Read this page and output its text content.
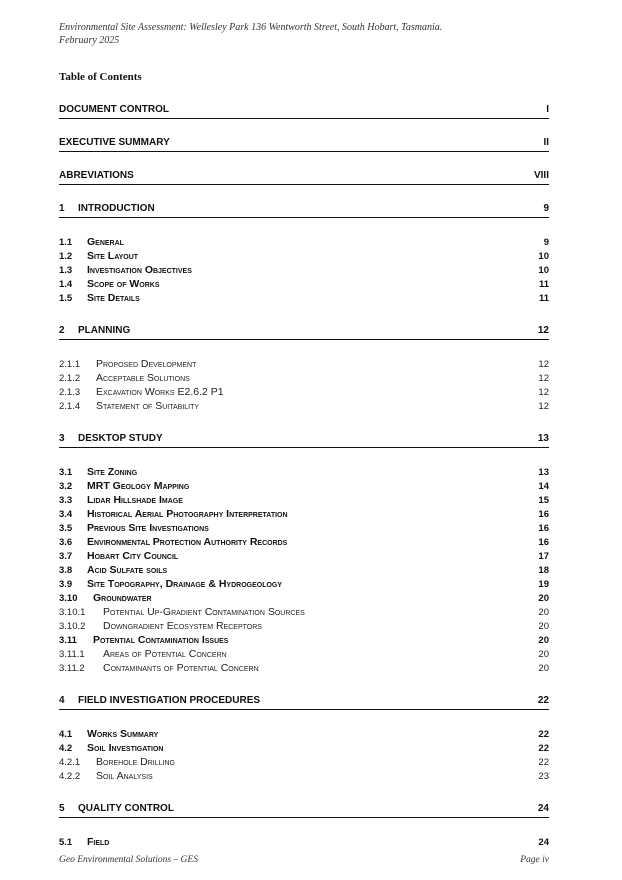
Environmental Site Assessment: Wellesley Park 136 Wentworth Street, South Hobart, Tasmania.
February 2025
Table of Contents
DOCUMENT CONTROL	I
EXECUTIVE SUMMARY	II
ABREVIATIONS	VIII
1	INTRODUCTION	9
1.1	General	9
1.2	Site Layout	10
1.3	Investigation Objectives	10
1.4	Scope of Works	11
1.5	Site Details	11
2	PLANNING	12
2.1.1	Proposed Development	12
2.1.2	Acceptable Solutions	12
2.1.3	Excavation Works E2.6.2 P1	12
2.1.4	Statement of Suitability	12
3	DESKTOP STUDY	13
3.1	Site Zoning	13
3.2	MRT Geology Mapping	14
3.3	Lidar Hillshade Image	15
3.4	Historical Aerial Photography Interpretation	16
3.5	Previous Site Investigations	16
3.6	Environmental Protection Authority Records	16
3.7	Hobart City Council	17
3.8	Acid Sulfate soils	18
3.9	Site Topography, Drainage & Hydrogeology	19
3.10	Groundwater	20
3.10.1	Potential Up-Gradient Contamination Sources	20
3.10.2	Downgradient Ecosystem Receptors	20
3.11	Potential Contamination Issues	20
3.11.1	Areas of Potential Concern	20
3.11.2	Contaminants of Potential Concern	20
4	FIELD INVESTIGATION PROCEDURES	22
4.1	Works Summary	22
4.2	Soil Investigation	22
4.2.1	Borehole Drilling	22
4.2.2	Soil Analysis	23
5	QUALITY CONTROL	24
5.1	Field	24
Geo Environmental Solutions – GES	Page iv
